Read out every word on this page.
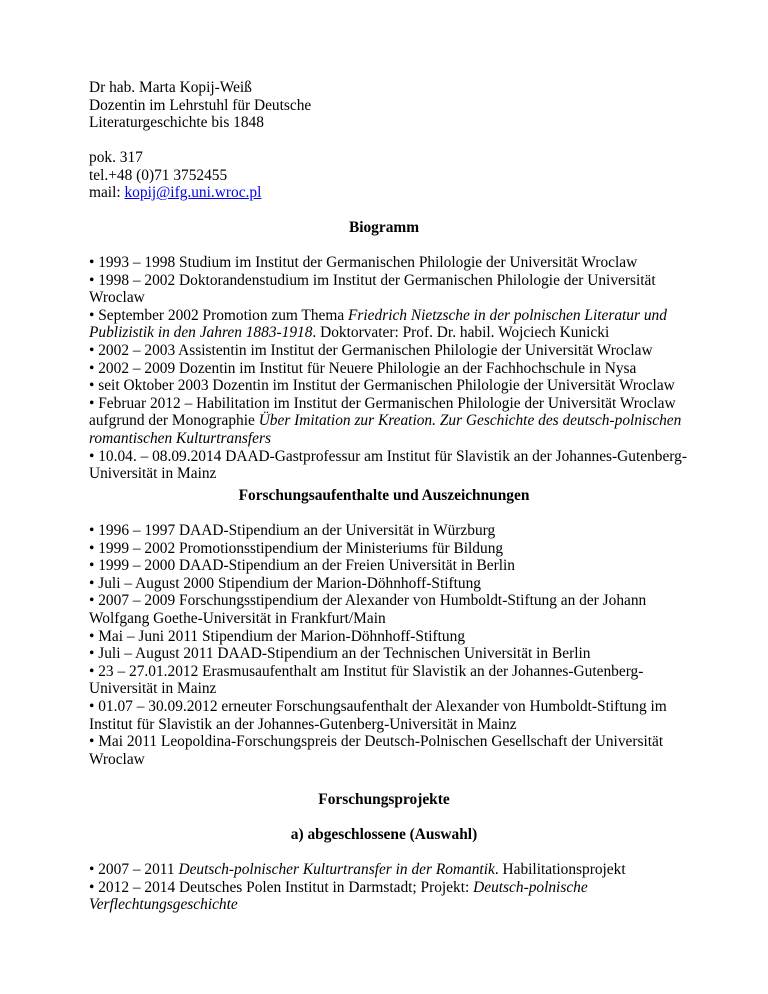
Dr hab. Marta Kopij-Weiß

Dozentin im Lehrstuhl für Deutsche

Literaturgeschichte bis 1848

pok. 317

tel.+48 (0)71 3752455

mail: kopij@ifg.uni.wroc.pl

Biogramm

• 1993 – 1998 Studium im Institut der Germanischen Philologie der Universität Wroclaw

• 1998 – 2002 Doktorandenstudium im Institut der Germanischen Philologie der Universität Wroclaw

• September 2002 Promotion zum Thema Friedrich Nietzsche in der polnischen Literatur und Publizistik in den Jahren 1883-1918. Doktorvater: Prof. Dr. habil. Wojciech Kunicki

• 2002 – 2003 Assistentin im Institut der Germanischen Philologie der Universität Wroclaw

• 2002 – 2009 Dozentin im Institut für Neuere Philologie an der Fachhochschule in Nysa

• seit Oktober 2003 Dozentin im Institut der Germanischen Philologie der Universität Wroclaw

• Februar 2012 – Habilitation im Institut der Germanischen Philologie der Universität Wroclaw aufgrund der Monographie Über Imitation zur Kreation. Zur Geschichte des deutsch-polnischen romantischen Kulturtransfers

• 10.04. – 08.09.2014 DAAD-Gastprofessur am Institut für Slavistik an der Johannes-Gutenberg-Universität in Mainz

Forschungsaufenthalte und Auszeichnungen

• 1996 – 1997 DAAD-Stipendium an der Universität in Würzburg

• 1999 – 2002 Promotionsstipendium der Ministeriums für Bildung

• 1999 – 2000 DAAD-Stipendium an der Freien Universität in Berlin

• Juli – August 2000 Stipendium der Marion-Döhnhoff-Stiftung

• 2007 – 2009 Forschungsstipendium der Alexander von Humboldt-Stiftung an der Johann Wolfgang Goethe-Universität in Frankfurt/Main

• Mai – Juni 2011 Stipendium der Marion-Döhnhoff-Stiftung

• Juli – August 2011 DAAD-Stipendium an der Technischen Universität in Berlin

• 23 – 27.01.2012 Erasmusaufenthalt am Institut für Slavistik an der Johannes-Gutenberg-Universität in Mainz

• 01.07 – 30.09.2012 erneuter Forschungsaufenthalt der Alexander von Humboldt-Stiftung im Institut für Slavistik an der Johannes-Gutenberg-Universität in Mainz

• Mai 2011 Leopoldina-Forschungspreis der Deutsch-Polnischen Gesellschaft der Universität Wroclaw

Forschungsprojekte

a) abgeschlossene (Auswahl)

• 2007 – 2011 Deutsch-polnischer Kulturtransfer in der Romantik. Habilitationsprojekt

• 2012 – 2014 Deutsches Polen Institut in Darmstadt; Projekt: Deutsch-polnische Verflechtungsgeschichte
